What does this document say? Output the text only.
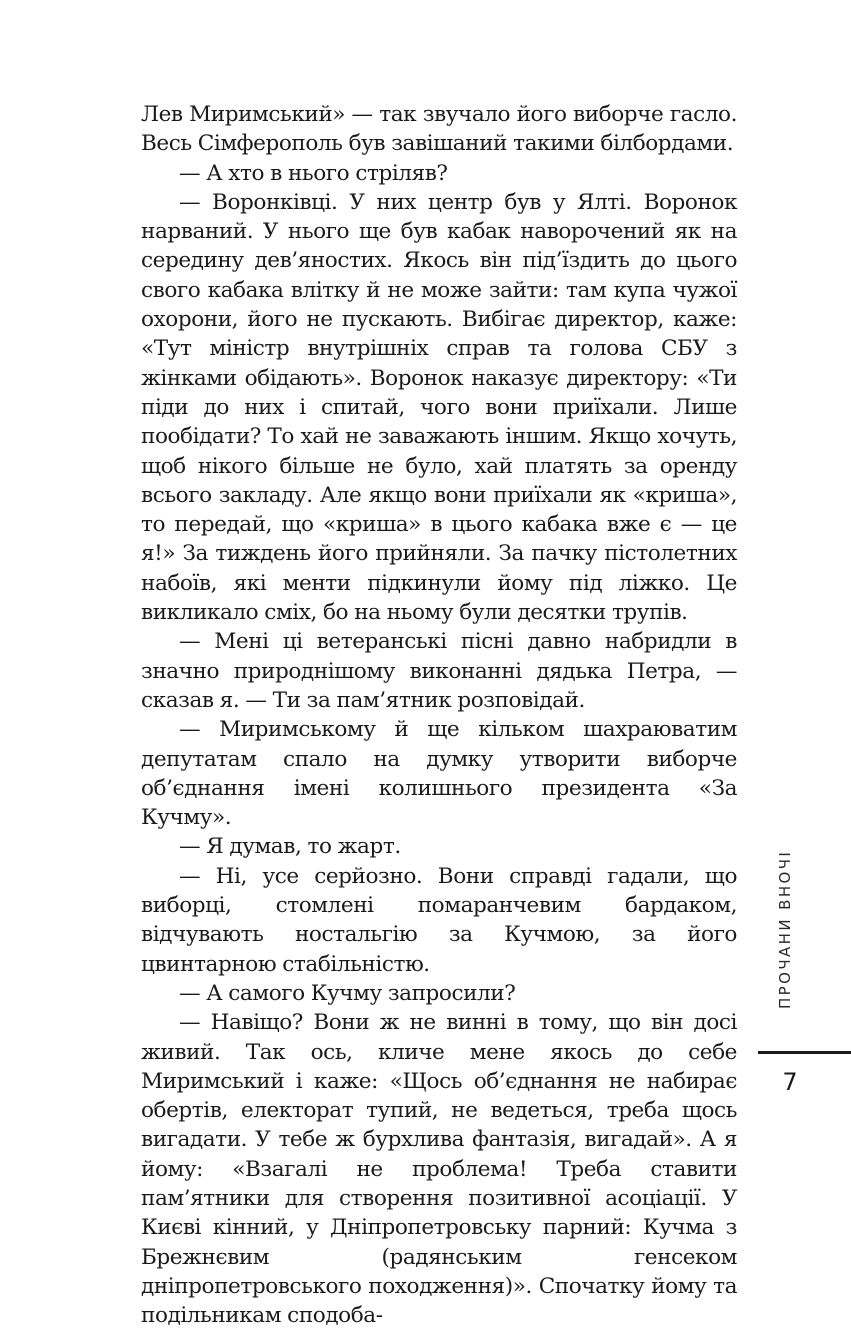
Лев Миримський» — так звучало його виборче гасло. Весь Сімферополь був завішаний такими білбордами.

— А хто в нього стріляв?

— Воронківці. У них центр був у Ялті. Воронок нарваний. У нього ще був кабак наворочений як на середину дев’яностих. Якось він під’їздить до цього свого кабака влітку й не може зайти: там купа чужої охорони, його не пускають. Вибігає директор, каже: «Тут міністр внутрішніх справ та голова СБУ з жінками обідають». Воронок наказує директору: «Ти піди до них і спитай, чого вони приїхали. Лише пообідати? То хай не заважають іншим. Якщо хочуть, щоб нікого більше не було, хай платять за оренду всього закладу. Але якщо вони приїхали як «криша», то передай, що «криша» в цього кабака вже є — це я!» За тиждень його прийняли. За пачку пістолетних набоїв, які менти підкинули йому під ліжко. Це викликало сміх, бо на ньому були десятки трупів.

— Мені ці ветеранські пісні давно набридли в значно природнішому виконанні дядька Петра, — сказав я. — Ти за пам’ятник розповідай.

— Миримському й ще кільком шахраюватим депутатам спало на думку утворити виборче об’єднання імені колишнього президента «За Кучму».

— Я думав, то жарт.

— Ні, усе серйозно. Вони справді гадали, що виборці, стомлені помаранчевим бардаком, відчувають ностальгію за Кучмою, за його цвинтарною стабільністю.

— А самого Кучму запросили?

— Навіщо? Вони ж не винні в тому, що він досі живий. Так ось, кличе мене якось до себе Миримський і каже: «Щось об’єднання не набирає обертів, електорат тупий, не ведеться, треба щось вигадати. У тебе ж бурхлива фантазія, вигадай». А я йому: «Взагалі не проблема! Треба ставити пам’ятники для створення позитивної асоціації. У Києві кінний, у Дніпропетровську парний: Кучма з Брежнєвим (радянським генсеком дніпропетровського походження)». Спочатку йому та подільникам сподоба-

ПРОЧАНИ ВНОЧІ
7
